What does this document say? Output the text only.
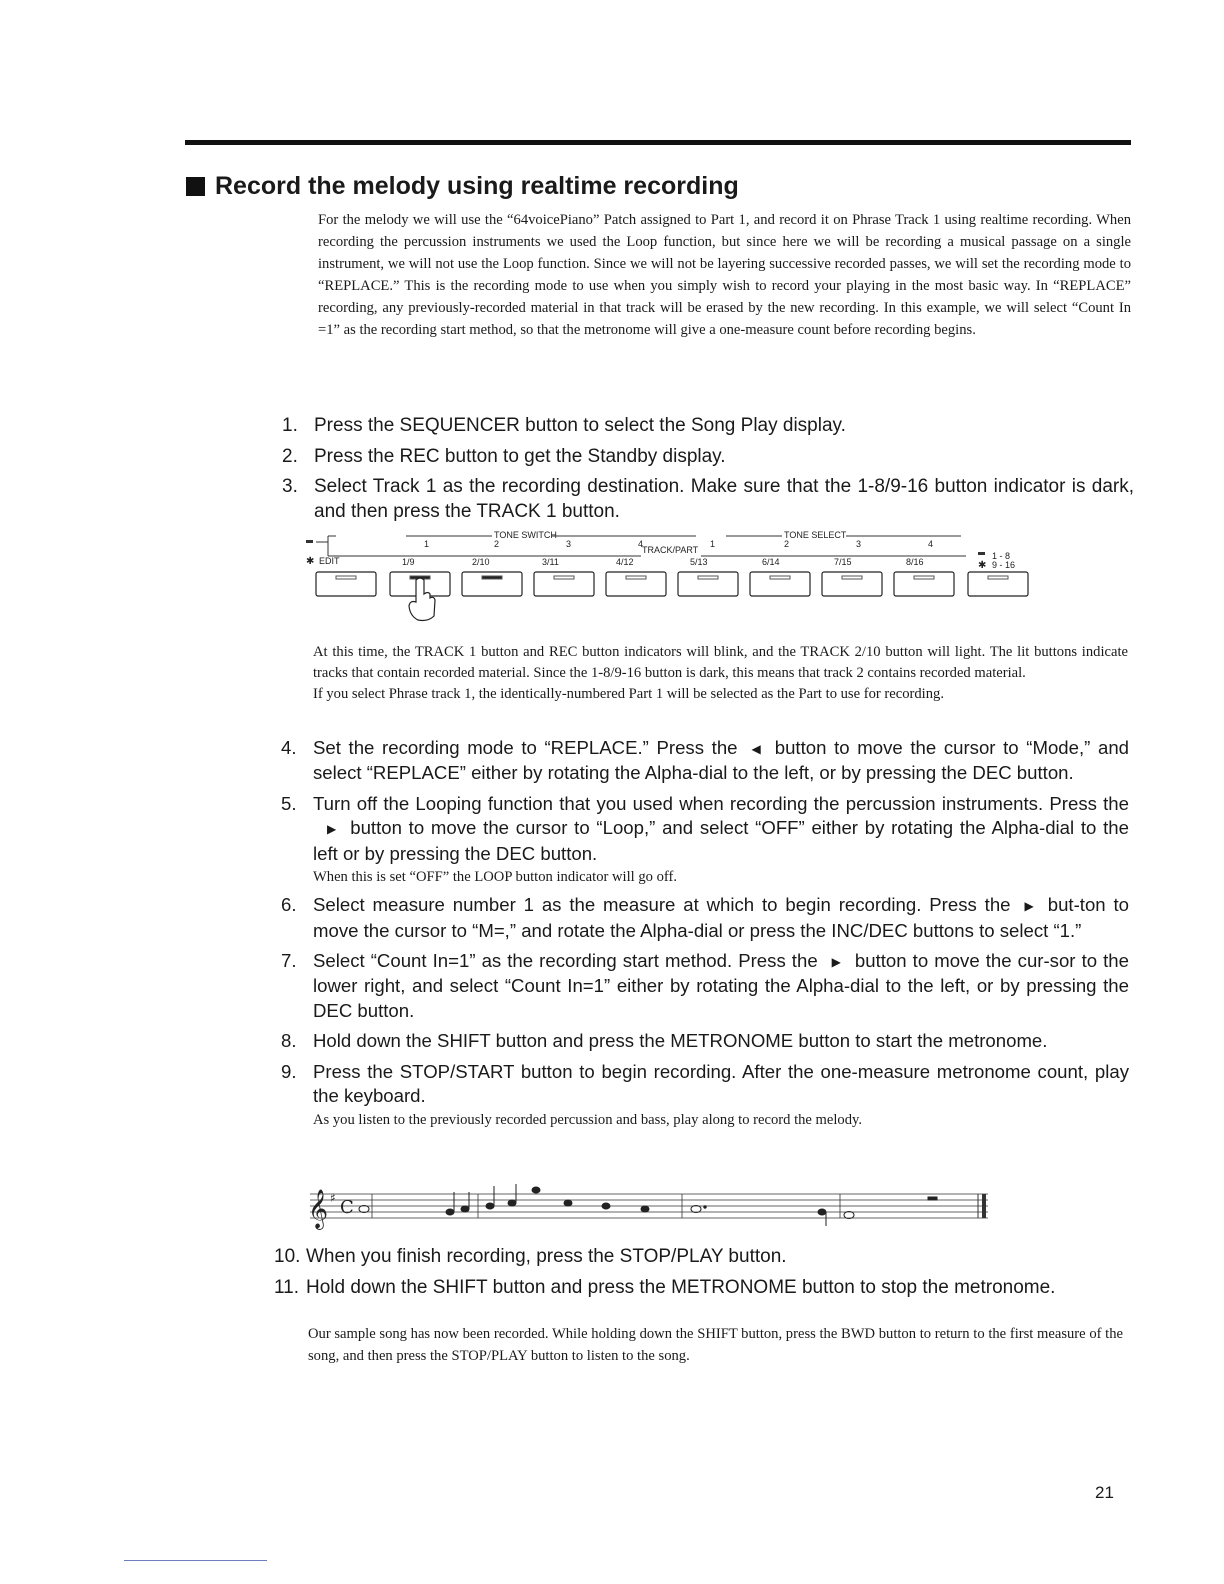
Record the melody using realtime recording

For the melody we will use the “64voicePiano” Patch assigned to Part 1, and record it on Phrase Track 1 using realtime recording. When recording the percussion instruments we used the Loop function, but since here we will be recording a musical passage on a single instrument, we will not use the Loop function. Since we will not be layering successive recorded passes, we will set the recording mode to “REPLACE.” This is the recording mode to use when you simply wish to record your playing in the most basic way. In “REPLACE” recording, any previously-recorded material in that track will be erased by the new recording. In this example, we will select “Count In =1” as the recording start method, so that the metronome will give a one-measure count before recording begins.

1. Press the SEQUENCER button to select the Song Play display.
2. Press the REC button to get the Standby display.
3. Select Track 1 as the recording destination. Make sure that the 1-8/9-16 button indicator is dark, and then press the TRACK 1 button.
TONE SWITCH	TONE SELECT
1	2	3	4	1	2	3	4
TRACK/PART
✱ EDIT	1/9	2/10	3/11	4/12	5/13	6/14	7/15	8/16
1 - 8
✱ 9 - 16

At this time, the TRACK 1 button and REC button indicators will blink, and the TRACK 2/10 button will light. The lit buttons indicate tracks that contain recorded material. Since the 1-8/9-16 button is dark, this means that track 2 contains recorded material.

If you select Phrase track 1, the identically-numbered Part 1 will be selected as the Part to use for recording.

4. Set the recording mode to “REPLACE.” Press the ◀ button to move the cursor to “Mode,” and select “REPLACE” either by rotating the Alpha-dial to the left, or by pressing the DEC button.
5. Turn off the Looping function that you used when recording the percussion instruments. Press the▶ button to move the cursor to “Loop,” and select “OFF” either by rotating the Alpha-dial to the left or by pressing the DEC button.
When this is set “OFF” the LOOP button indicator will go off.
6. Select measure number 1 as the measure at which to begin recording. Press the ▶ but-ton to move the cursor to “M=,” and rotate the Alpha-dial or press the INC/DEC buttons to select “1.”
7. Select “Count In=1” as the recording start method. Press the ▶ button to move the cur-sor to the lower right, and select “Count In=1” either by rotating the Alpha-dial to the left, or by pressing the DEC button.
8. Hold down the SHIFT button and press the METRONOME button to start the metronome.
9. Press the STOP/START button to begin recording. After the one-measure metronome count, play the keyboard.
As you listen to the previously recorded percussion and bass, play along to record the melody.
𝄞 ♯ C
10. When you finish recording, press the STOP/PLAY button.
11. Hold down the SHIFT button and press the METRONOME button to stop the metronome.

Our sample song has now been recorded. While holding down the SHIFT button, press the BWD button to return to the first measure of the song, and then press the STOP/PLAY button to listen to the song.

21
